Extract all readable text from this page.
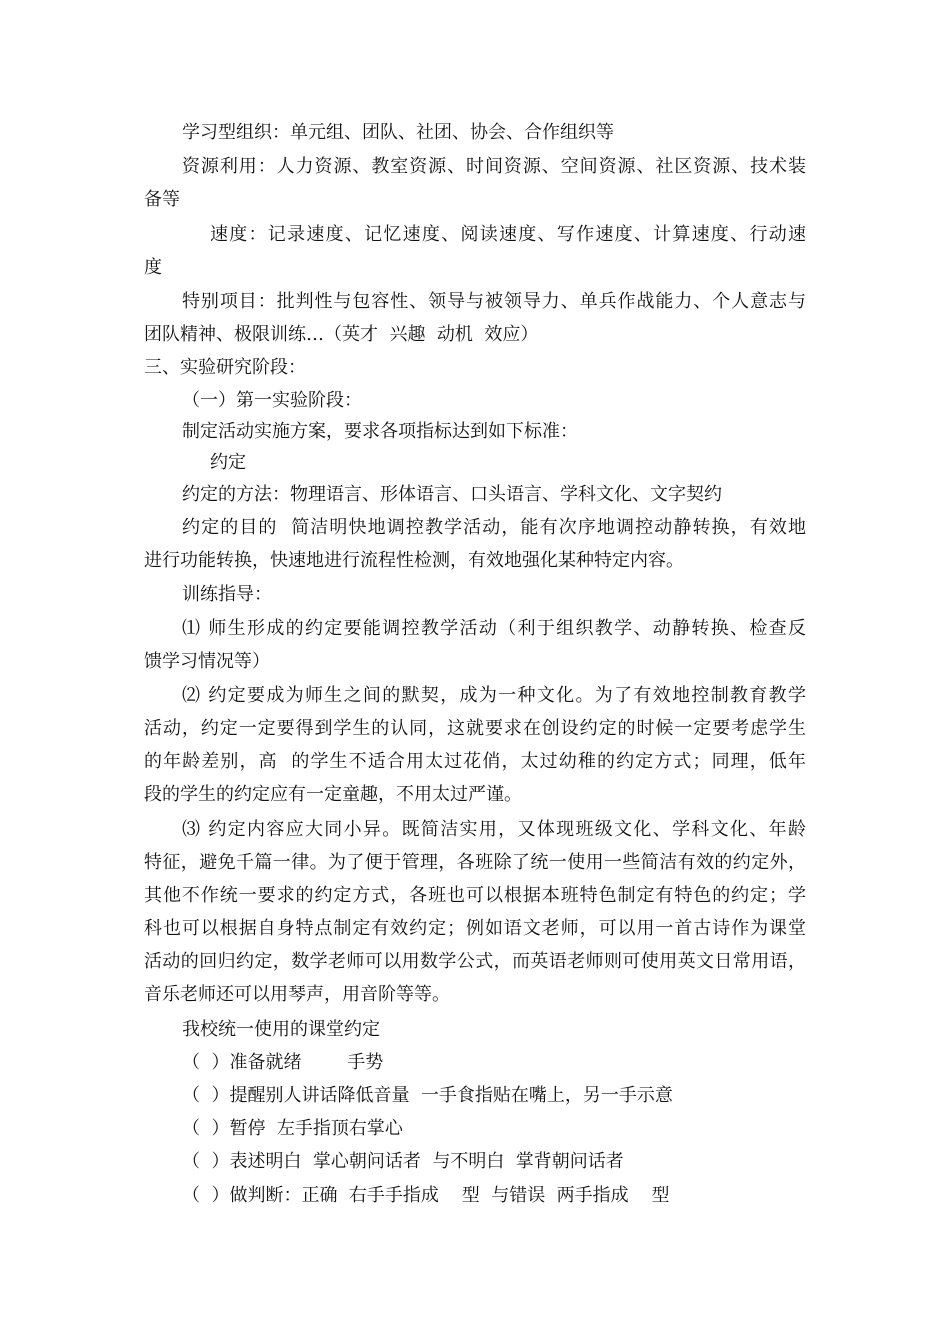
学习型组织：单元组、团队、社团、协会、合作组织等
资源利用：人力资源、教室资源、时间资源、空间资源、社区资源、技术装
备等
速度：记录速度、记忆速度、阅读速度、写作速度、计算速度、行动速
度
特别项目：批判性与包容性、领导与被领导力、单兵作战能力、个人意志与
团队精神、极限训练…（英才  兴趣  动机  效应）
三、实验研究阶段：
（一）第一实验阶段：
制定活动实施方案，要求各项指标达到如下标准：
约定
约定的方法：物理语言、形体语言、口头语言、学科文化、文字契约
约定的目的  简洁明快地调控教学活动，能有次序地调控动静转换，有效地
进行功能转换，快速地进行流程性检测，有效地强化某种特定内容。
训练指导：
⑴ 师生形成的约定要能调控教学活动（利于组织教学、动静转换、检查反
馈学习情况等）
⑵ 约定要成为师生之间的默契，成为一种文化。为了有效地控制教育教学
活动，约定一定要得到学生的认同，这就要求在创设约定的时候一定要考虑学生
的年龄差别，高  的学生不适合用太过花俏，太过幼稚的约定方式；同理，低年
段的学生的约定应有一定童趣，不用太过严谨。
⑶ 约定内容应大同小异。既简洁实用，又体现班级文化、学科文化、年龄
特征，避免千篇一律。为了便于管理，各班除了统一使用一些简洁有效的约定外，
其他不作统一要求的约定方式，各班也可以根据本班特色制定有特色的约定；学
科也可以根据自身特点制定有效约定；例如语文老师，可以用一首古诗作为课堂
活动的回归约定，数学老师可以用数学公式，而英语老师则可使用英文日常用语，
音乐老师还可以用琴声，用音阶等等。
我校统一使用的课堂约定
（  ）准备就绪        手势
（  ）提醒别人讲话降低音量  一手食指贴在嘴上，另一手示意
（  ）暂停  左手指顶右掌心
（  ）表述明白  掌心朝问话者  与不明白  掌背朝问话者
（  ）做判断：正确  右手手指成    型  与错误  两手指成    型
